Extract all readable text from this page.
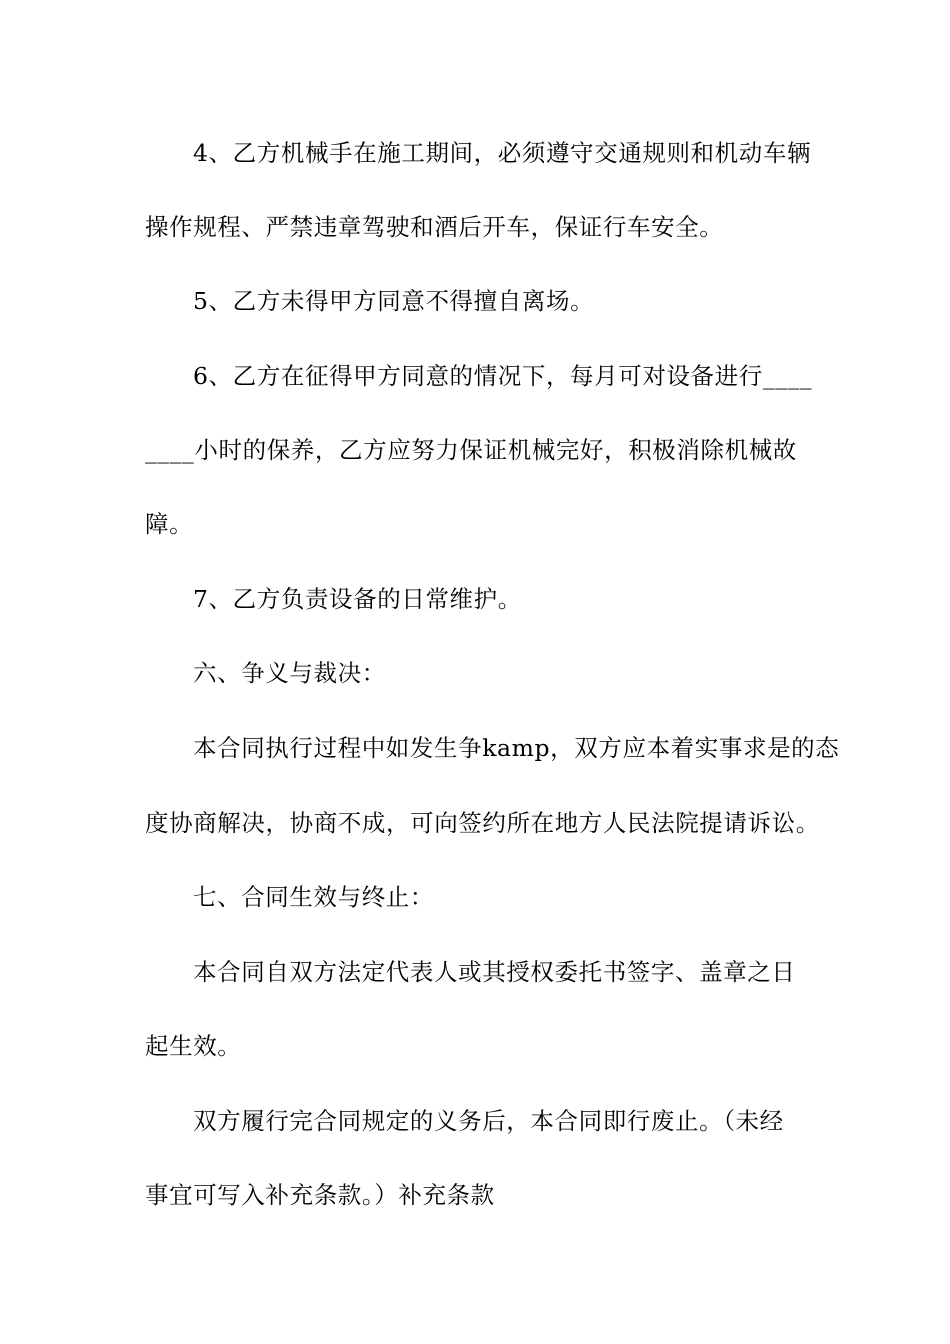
4、乙方机械手在施工期间，必须遵守交通规则和机动车辆
操作规程、严禁违章驾驶和酒后开车，保证行车安全。
5、乙方未得甲方同意不得擅自离场。
6、乙方在征得甲方同意的情况下，每月可对设备进行____
____小时的保养，乙方应努力保证机械完好，积极消除机械故
障。
7、乙方负责设备的日常维护。
六、争义与裁决：
本合同执行过程中如发生争kamp，双方应本着实事求是的态
度协商解决，协商不成，可向签约所在地方人民法院提请诉讼。
七、合同生效与终止：
本合同自双方法定代表人或其授权委托书签字、盖章之日
起生效。
双方履行完合同规定的义务后，本合同即行废止。（未经
事宜可写入补充条款。）补充条款
